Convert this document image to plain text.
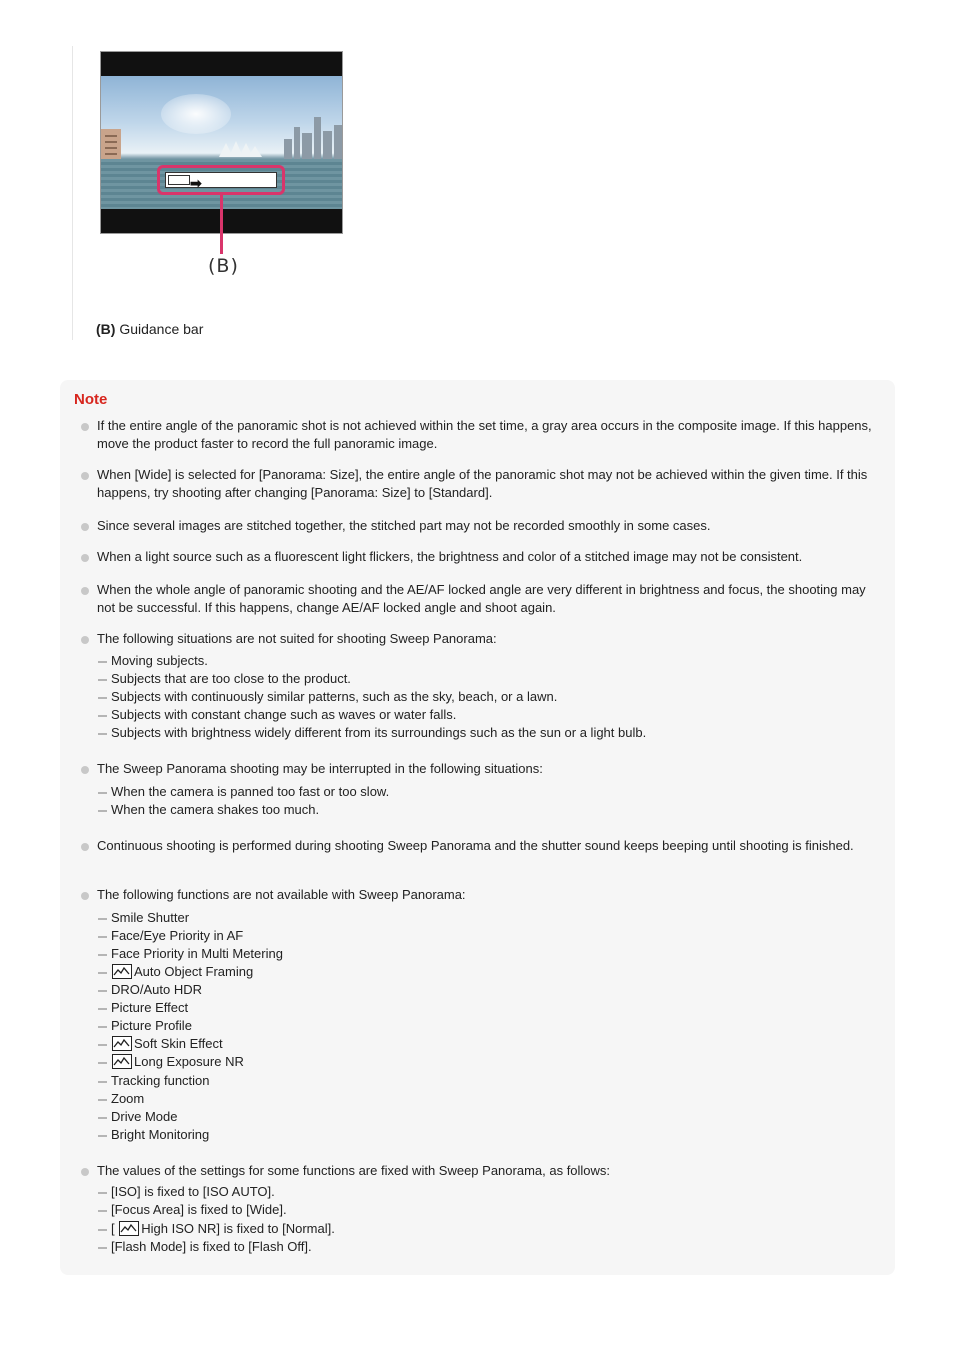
➡
(B)
(B) Guidance bar
Note
If the entire angle of the panoramic shot is not achieved within the set time, a gray area occurs in the composite image. If this happens, move the product faster to record the full panoramic image.
When [Wide] is selected for [Panorama: Size], the entire angle of the panoramic shot may not be achieved within the given time. If this happens, try shooting after changing [Panorama: Size] to [Standard].
Since several images are stitched together, the stitched part may not be recorded smoothly in some cases.
When a light source such as a fluorescent light flickers, the brightness and color of a stitched image may not be consistent.
When the whole angle of panoramic shooting and the AE/AF locked angle are very different in brightness and focus, the shooting may not be successful. If this happens, change AE/AF locked angle and shoot again.
The following situations are not suited for shooting Sweep Panorama:
Moving subjects.
Subjects that are too close to the product.
Subjects with continuously similar patterns, such as the sky, beach, or a lawn.
Subjects with constant change such as waves or water falls.
Subjects with brightness widely different from its surroundings such as the sun or a light bulb.
The Sweep Panorama shooting may be interrupted in the following situations:
When the camera is panned too fast or too slow.
When the camera shakes too much.
Continuous shooting is performed during shooting Sweep Panorama and the shutter sound keeps beeping until shooting is finished.
The following functions are not available with Sweep Panorama:
Smile Shutter
Face/Eye Priority in AF
Face Priority in Multi Metering
Auto Object Framing
DRO/Auto HDR
Picture Effect
Picture Profile
Soft Skin Effect
Long Exposure NR
Tracking function
Zoom
Drive Mode
Bright Monitoring
The values of the settings for some functions are fixed with Sweep Panorama, as follows:
[ISO] is fixed to [ISO AUTO].
[Focus Area] is fixed to [Wide].
[
High ISO NR] is fixed to [Normal].
[Flash Mode] is fixed to [Flash Off].
